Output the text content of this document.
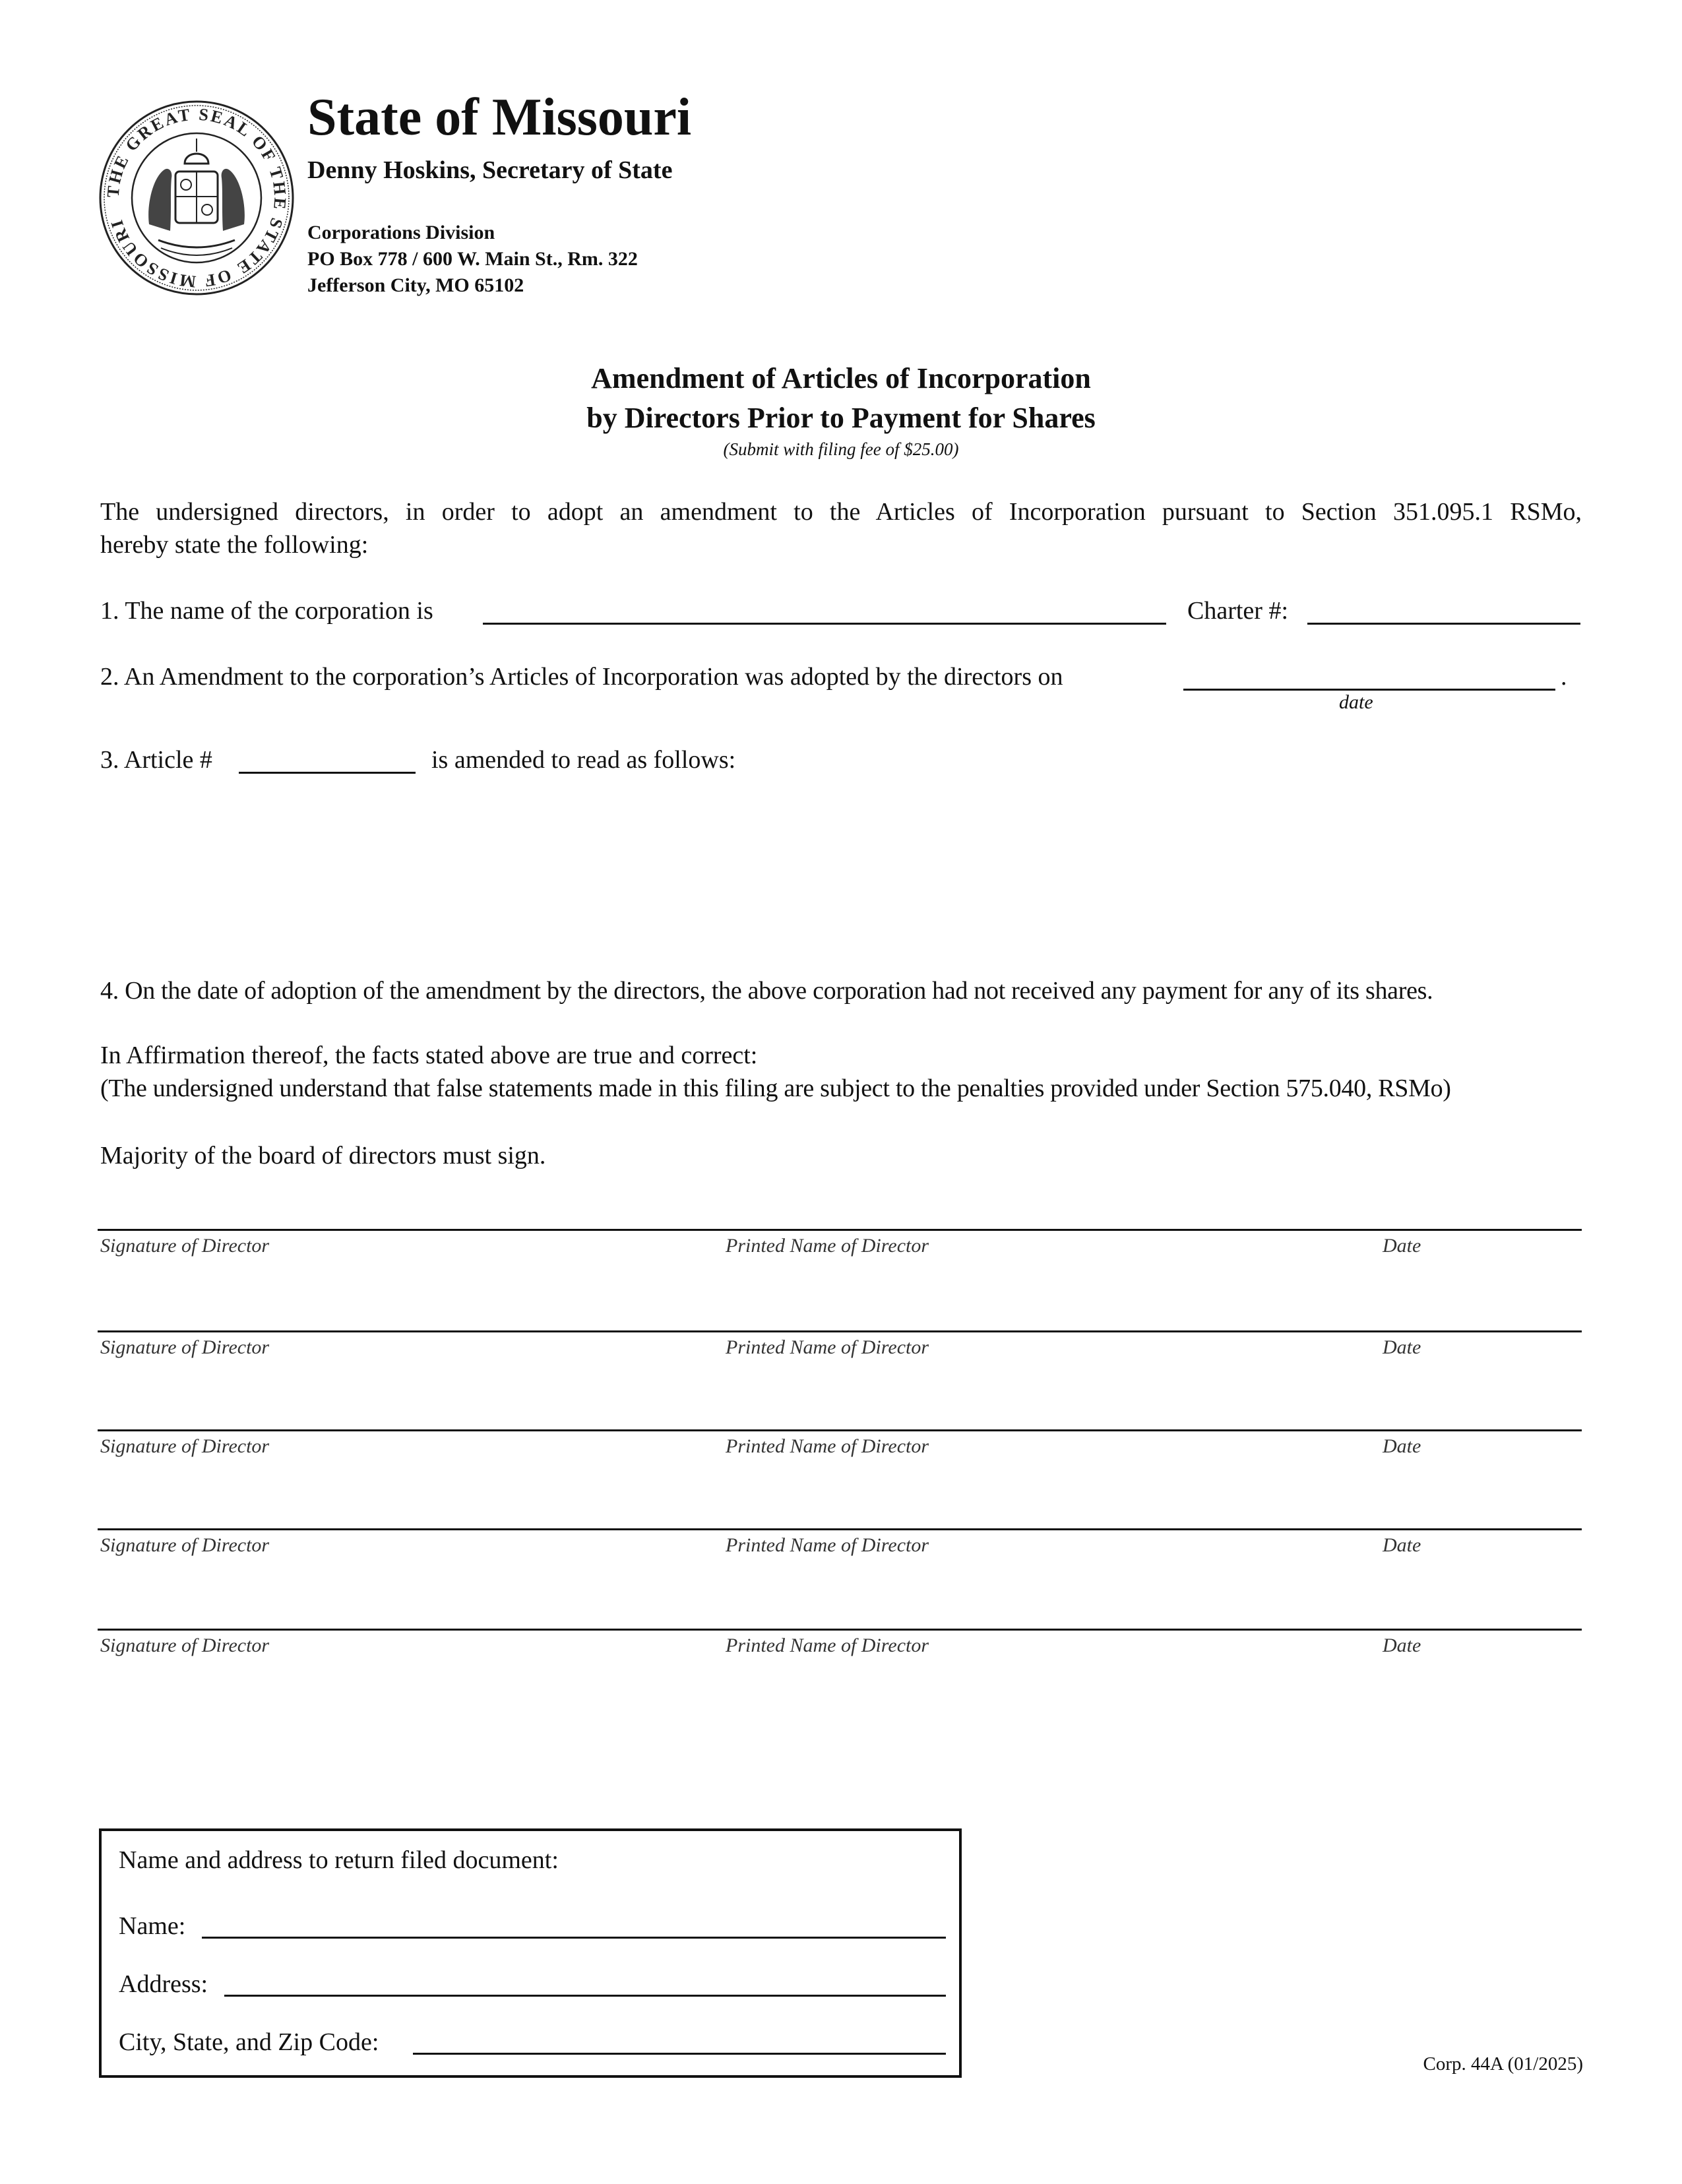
THE GREAT SEAL OF THE STATE OF MISSOURI
State of Missouri
Denny Hoskins, Secretary of State
Corporations Division
PO Box 778 / 600 W. Main St., Rm. 322
Jefferson City, MO 65102
Amendment of Articles of Incorporation
by Directors Prior to Payment for Shares
(Submit with filing fee of $25.00)
The undersigned directors, in order to adopt an amendment to the Articles of Incorporation pursuant to Section 351.095.1 RSMo,
hereby state the following:
1. The name of the corporation is	Charter #:
2. An Amendment to the corporation’s Articles of Incorporation was adopted by the directors on	.
date
3. Article #	is amended to read as follows:
4. On the date of adoption of the amendment by the directors, the above corporation had not received any payment for any of its shares.
In Affirmation thereof, the facts stated above are true and correct:
(The undersigned understand that false statements made in this filing are subject to the penalties provided under Section 575.040, RSMo)
Majority of the board of directors must sign.
Signature of Director	Printed Name of Director	Date
Signature of Director	Printed Name of Director	Date
Signature of Director	Printed Name of Director	Date
Signature of Director	Printed Name of Director	Date
Signature of Director	Printed Name of Director	Date
Name and address to return filed document:
Name:
Address:
City, State, and Zip Code:
Corp. 44A (01/2025)
